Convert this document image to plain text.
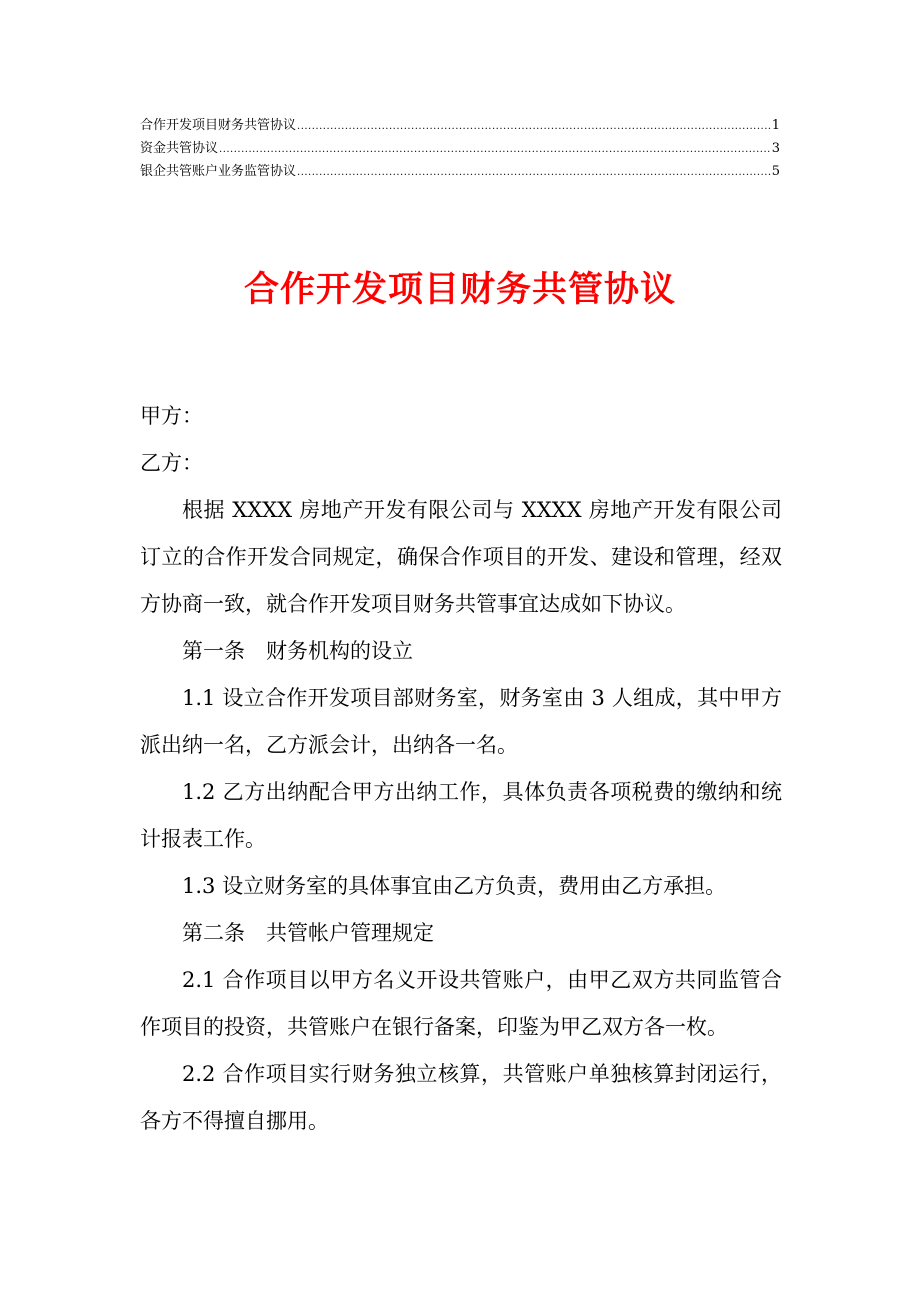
合作开发项目财务共管协议 .....	1
资金共管协议 .....	3
银企共管账户业务监管协议 .....	5
合作开发项目财务共管协议

甲方：

乙方：

根据 XXXX 房地产开发有限公司与 XXXX 房地产开发有限公司订立的合作开发合同规定，确保合作项目的开发、建设和管理，经双方协商一致，就合作开发项目财务共管事宜达成如下协议。

第一条　财务机构的设立

1.1 设立合作开发项目部财务室，财务室由 3 人组成，其中甲方派出纳一名，乙方派会计，出纳各一名。

1.2 乙方出纳配合甲方出纳工作，具体负责各项税费的缴纳和统计报表工作。

1.3 设立财务室的具体事宜由乙方负责，费用由乙方承担。

第二条　共管帐户管理规定

2.1 合作项目以甲方名义开设共管账户，由甲乙双方共同监管合作项目的投资，共管账户在银行备案，印鉴为甲乙双方各一枚。

2.2 合作项目实行财务独立核算，共管账户单独核算封闭运行，各方不得擅自挪用。
